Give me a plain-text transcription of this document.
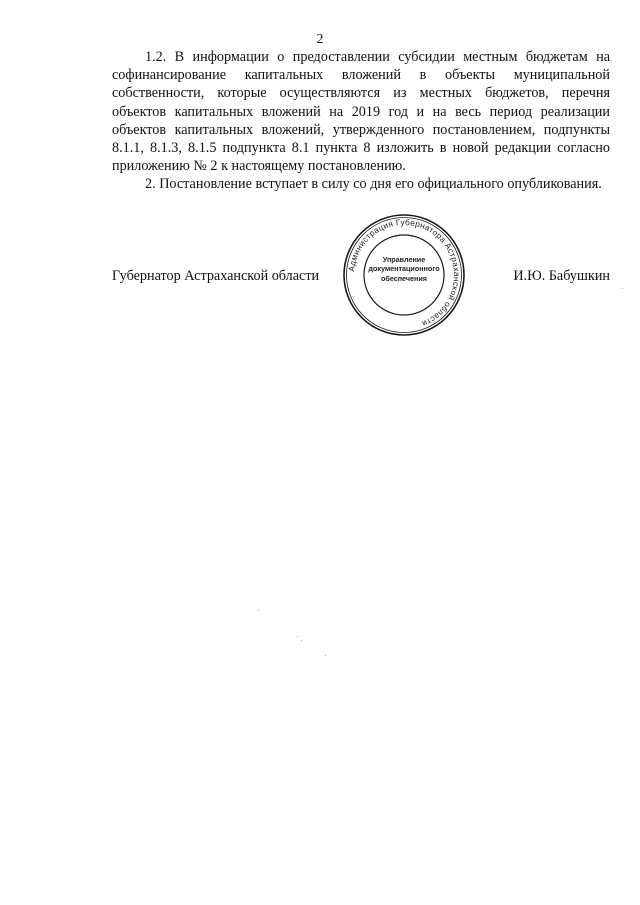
2

1.2. В информации о предоставлении субсидии местным бюджетам на софинансирование капитальных вложений в объекты муниципальной собственности, которые осуществляются из местных бюджетов, перечня объектов капитальных вложений на 2019 год и на весь период реализации объектов капитальных вложений, утвержденного постановлением, подпункты 8.1.1, 8.1.3, 8.1.5 подпункта 8.1 пункта 8 изложить в новой редакции согласно приложению № 2 к настоящему постановлению.

2. Постановление вступает в силу со дня его официального опубликования.

Губернатор Астраханской области	И.Ю. Бабушкин
Администрация Губернатора Астраханской области
Управление
документационного
обеспечения
